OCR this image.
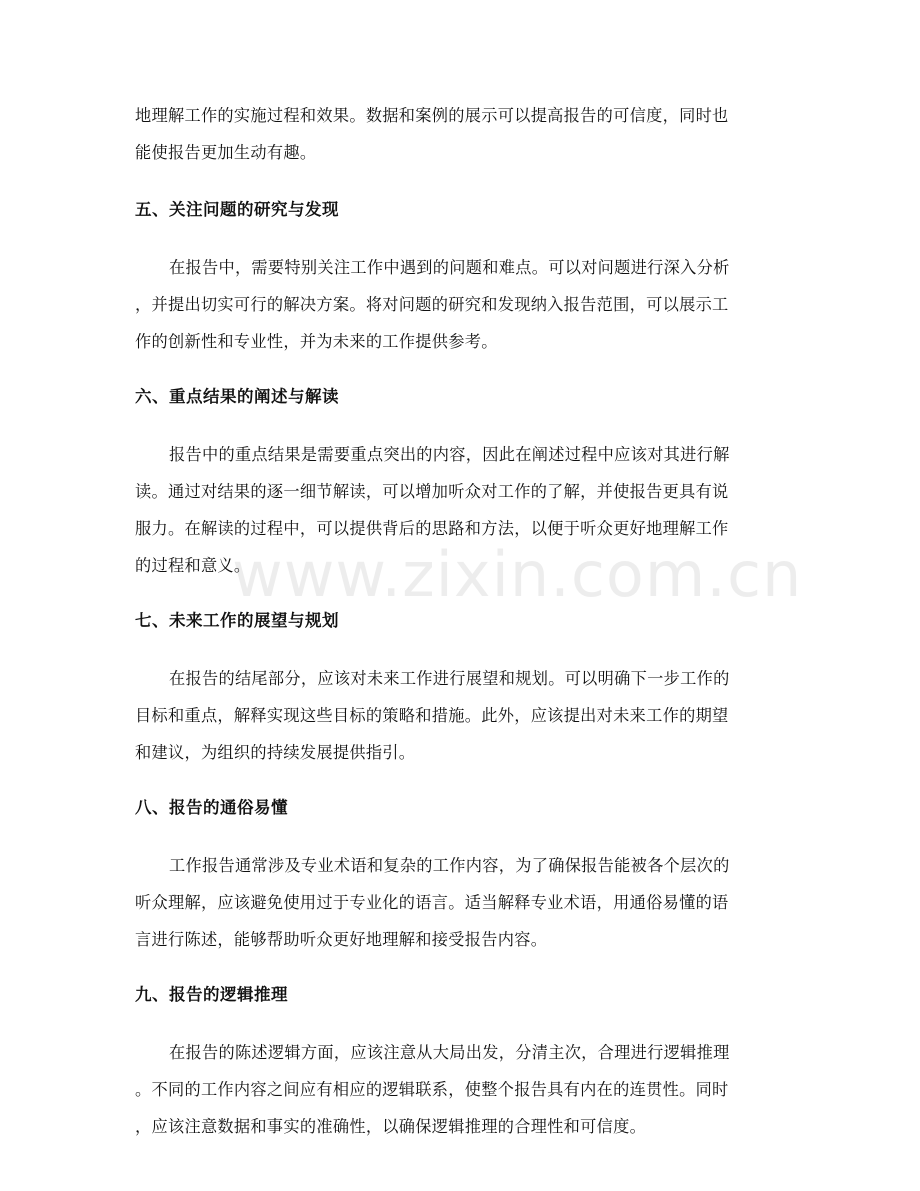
www.zixin.com.cn

地理解工作的实施过程和效果。数据和案例的展示可以提高报告的可信度，同时也
能使报告更加生动有趣。

五、关注问题的研究与发现

在报告中，需要特别关注工作中遇到的问题和难点。可以对问题进行深入分析
，并提出切实可行的解决方案。将对问题的研究和发现纳入报告范围，可以展示工
作的创新性和专业性，并为未来的工作提供参考。

六、重点结果的阐述与解读

报告中的重点结果是需要重点突出的内容，因此在阐述过程中应该对其进行解
读。通过对结果的逐一细节解读，可以增加听众对工作的了解，并使报告更具有说
服力。在解读的过程中，可以提供背后的思路和方法，以便于听众更好地理解工作
的过程和意义。

七、未来工作的展望与规划

在报告的结尾部分，应该对未来工作进行展望和规划。可以明确下一步工作的
目标和重点，解释实现这些目标的策略和措施。此外，应该提出对未来工作的期望
和建议，为组织的持续发展提供指引。

八、报告的通俗易懂

工作报告通常涉及专业术语和复杂的工作内容，为了确保报告能被各个层次的
听众理解，应该避免使用过于专业化的语言。适当解释专业术语，用通俗易懂的语
言进行陈述，能够帮助听众更好地理解和接受报告内容。

九、报告的逻辑推理

在报告的陈述逻辑方面，应该注意从大局出发，分清主次，合理进行逻辑推理
。不同的工作内容之间应有相应的逻辑联系，使整个报告具有内在的连贯性。同时
，应该注意数据和事实的准确性，以确保逻辑推理的合理性和可信度。
